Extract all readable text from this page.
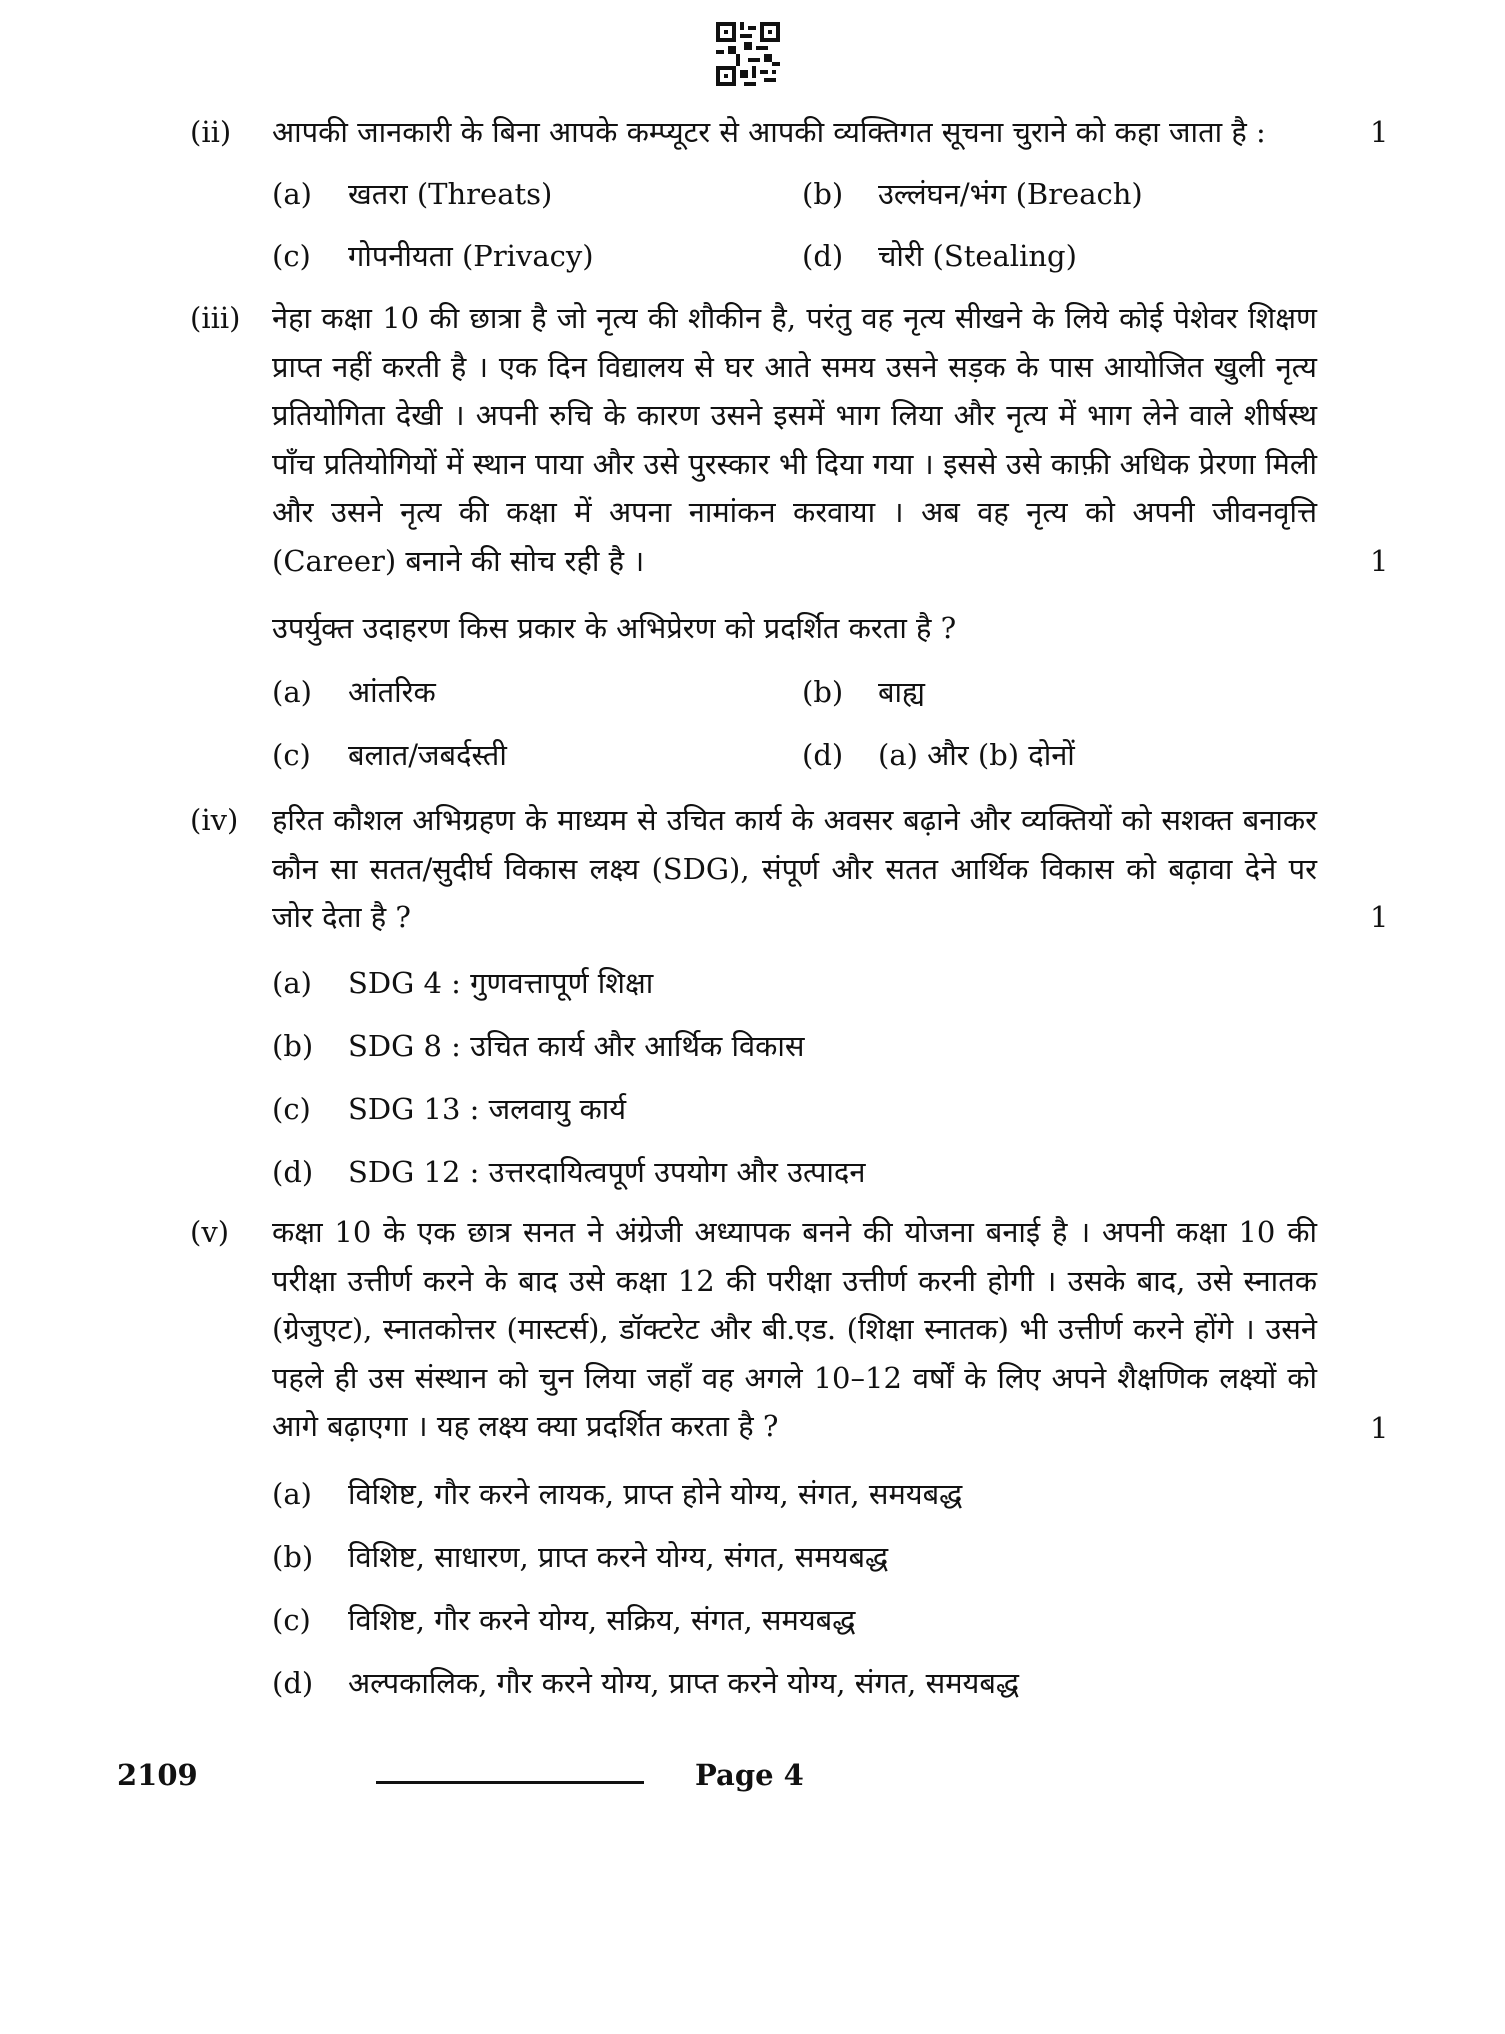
(ii) आपकी जानकारी के बिना आपके कम्प्यूटर से आपकी व्यक्तिगत सूचना चुराने को कहा जाता है :	1
(a) खतरा (Threats)	(b) उल्लंघन/भंग (Breach)
(c) गोपनीयता (Privacy)	(d) चोरी (Stealing)
(iii) नेहा कक्षा 10 की छात्रा है जो नृत्य की शौकीन है, परंतु वह नृत्य सीखने के लिये कोई पेशेवर शिक्षण प्राप्त नहीं करती है । एक दिन विद्यालय से घर आते समय उसने सड़क के पास आयोजित खुली नृत्य प्रतियोगिता देखी । अपनी रुचि के कारण उसने इसमें भाग लिया और नृत्य में भाग लेने वाले शीर्षस्थ पाँच प्रतियोगियों में स्थान पाया और उसे पुरस्कार भी दिया गया । इससे उसे काफ़ी अधिक प्रेरणा मिली और उसने नृत्य की कक्षा में अपना नामांकन करवाया । अब वह नृत्य को अपनी जीवनवृत्ति (Career) बनाने की सोच रही है ।	1
उपर्युक्त उदाहरण किस प्रकार के अभिप्रेरण को प्रदर्शित करता है ?
(a) आंतरिक	(b) बाह्य
(c) बलात/जबर्दस्ती	(d) (a) और (b) दोनों
(iv) हरित कौशल अभिग्रहण के माध्यम से उचित कार्य के अवसर बढ़ाने और व्यक्तियों को सशक्त बनाकर कौन सा सतत/सुदीर्घ विकास लक्ष्य (SDG), संपूर्ण और सतत आर्थिक विकास को बढ़ावा देने पर जोर देता है ?	1
(a) SDG 4 : गुणवत्तापूर्ण शिक्षा
(b) SDG 8 : उचित कार्य और आर्थिक विकास
(c) SDG 13 : जलवायु कार्य
(d) SDG 12 : उत्तरदायित्वपूर्ण उपयोग और उत्पादन
(v) कक्षा 10 के एक छात्र सनत ने अंग्रेजी अध्यापक बनने की योजना बनाई है । अपनी कक्षा 10 की परीक्षा उत्तीर्ण करने के बाद उसे कक्षा 12 की परीक्षा उत्तीर्ण करनी होगी । उसके बाद, उसे स्नातक (ग्रेजुएट), स्नातकोत्तर (मास्टर्स), डॉक्टरेट और बी.एड. (शिक्षा स्नातक) भी उत्तीर्ण करने होंगे । उसने पहले ही उस संस्थान को चुन लिया जहाँ वह अगले 10–12 वर्षों के लिए अपने शैक्षणिक लक्ष्यों को आगे बढ़ाएगा । यह लक्ष्य क्या प्रदर्शित करता है ?	1
(a) विशिष्ट, गौर करने लायक, प्राप्त होने योग्य, संगत, समयबद्ध
(b) विशिष्ट, साधारण, प्राप्त करने योग्य, संगत, समयबद्ध
(c) विशिष्ट, गौर करने योग्य, सक्रिय, संगत, समयबद्ध
(d) अल्पकालिक, गौर करने योग्य, प्राप्त करने योग्य, संगत, समयबद्ध
2109	Page 4
